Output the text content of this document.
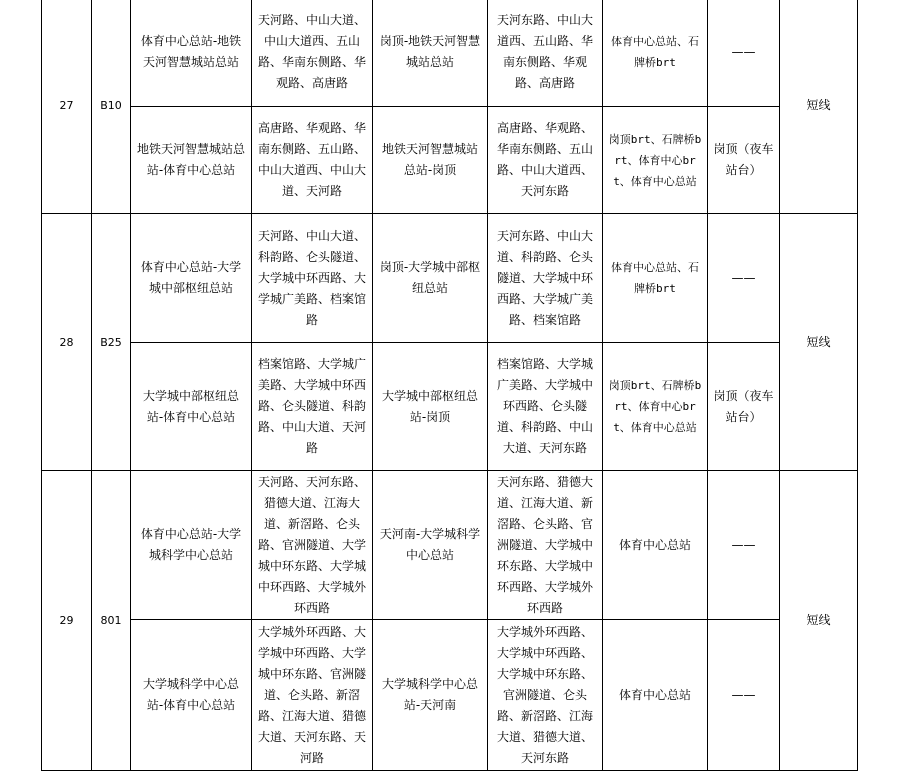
27	B10	体育中心总站-地铁天河智慧城站总站	天河路、中山大道、中山大道西、五山路、华南东侧路、华观路、高唐路	岗顶-地铁天河智慧城站总站	天河东路、中山大道西、五山路、华南东侧路、华观路、高唐路	体育中心总站、石牌桥brt	——	短线
		地铁天河智慧城站总站-体育中心总站	高唐路、华观路、华南东侧路、五山路、中山大道西、中山大道、天河路	地铁天河智慧城站总站-岗顶	高唐路、华观路、华南东侧路、五山路、中山大道西、天河东路	岗顶brt、石牌桥brt、体育中心brt、体育中心总站	岗顶（夜车站台）	
28	B25	体育中心总站-大学城中部枢纽总站	天河路、中山大道、科韵路、仑头隧道、大学城中环西路、大学城广美路、档案馆路	岗顶-大学城中部枢纽总站	天河东路、中山大道、科韵路、仑头隧道、大学城中环西路、大学城广美路、档案馆路	体育中心总站、石牌桥brt	——	短线
		大学城中部枢纽总站-体育中心总站	档案馆路、大学城广美路、大学城中环西路、仑头隧道、科韵路、中山大道、天河路	大学城中部枢纽总站-岗顶	档案馆路、大学城广美路、大学城中环西路、仑头隧道、科韵路、中山大道、天河东路	岗顶brt、石牌桥brt、体育中心brt、体育中心总站	岗顶（夜车站台）	
29	801	体育中心总站-大学城科学中心总站	天河路、天河东路、猎德大道、江海大道、新滘路、仑头路、官洲隧道、大学城中环东路、大学城中环西路、大学城外环西路	天河南-大学城科学中心总站	天河东路、猎德大道、江海大道、新滘路、仑头路、官洲隧道、大学城中环东路、大学城中环西路、大学城外环西路	体育中心总站	——	短线
		大学城科学中心总站-体育中心总站	大学城外环西路、大学城中环西路、大学城中环东路、官洲隧道、仑头路、新滘路、江海大道、猎德大道、天河东路、天河路	大学城科学中心总站-天河南	大学城外环西路、大学城中环西路、大学城中环东路、官洲隧道、仑头路、新滘路、江海大道、猎德大道、天河东路	体育中心总站	——	
